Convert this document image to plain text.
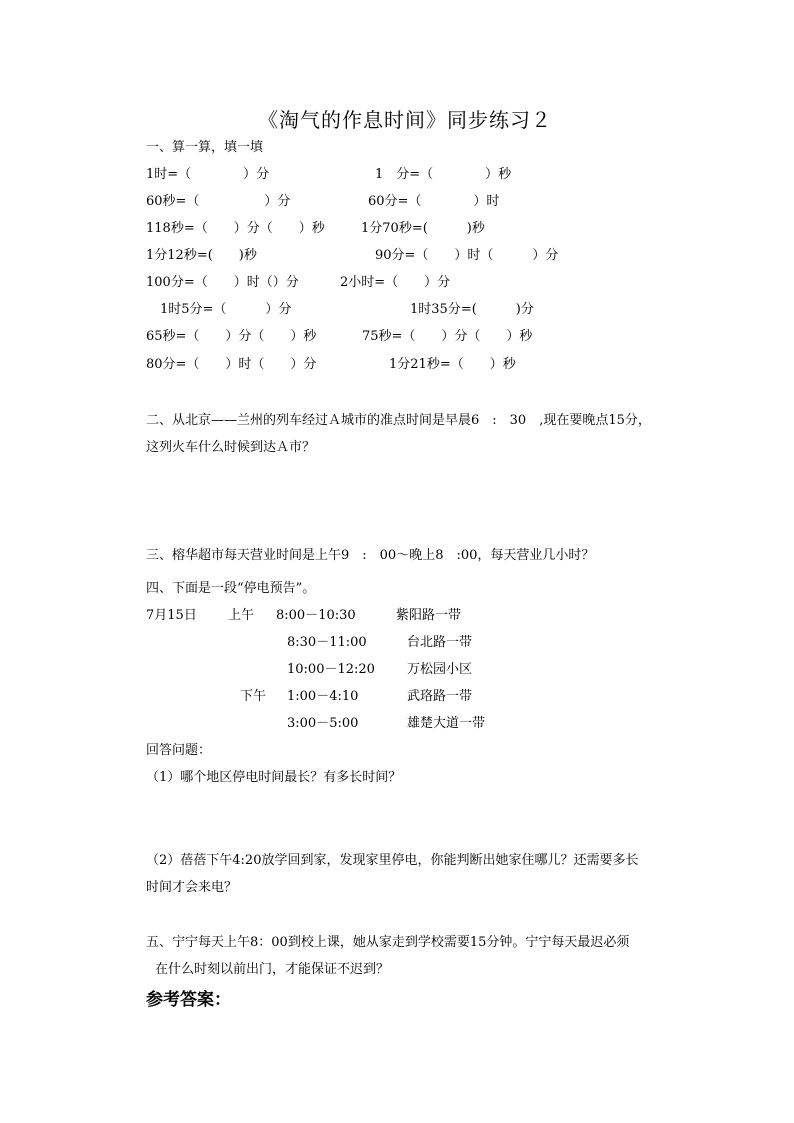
《淘气的作息时间》同步练习２
一、算一算，填一填
1时=（　　　　）分	1　分=（　　　　）秒
60秒=（　　　　　）分	60分=（　　　　）时
118秒=（　　）分（　　）秒	1分70秒=(　　　)秒
1分12秒=(　　)秒	90分=（　　）时（　　　）分
100分=（　　）时（）分	2小时=（　　）分
1时5分=（　　　）分	1时35分=(　　　)分
65秒=（　　）分（　　）秒	75秒=（　　）分（　　）秒
80分=（　　）时（　　）分	1分21秒=（　　）秒
二、从北京——兰州的列车经过Ａ城市的准点时间是早晨6　:　30　,现在要晚点15分，
这列火车什么时候到达Ａ市？
三、榕华超市每天营业时间是上午9　:　00～晚上8　:00，每天营业几小时？
四、下面是一段“停电预告”。
7月15日 上午 8:00－10:30	紫阳路一带
8:30－11:00	台北路一带
10:00－12:20 万松园小区
下午 1:00－4:10	武珞路一带
3:00－5:00	雄楚大道一带
回答问题：
（1）哪个地区停电时间最长？有多长时间？
（2）蓓蓓下午4:20放学回到家，发现家里停电，你能判断出她家住哪儿？还需要多长
时间才会来电？
五、宁宁每天上午8：00到校上课，她从家走到学校需要15分钟。宁宁每天最迟必须
在什么时刻以前出门，才能保证不迟到？
参考答案：
